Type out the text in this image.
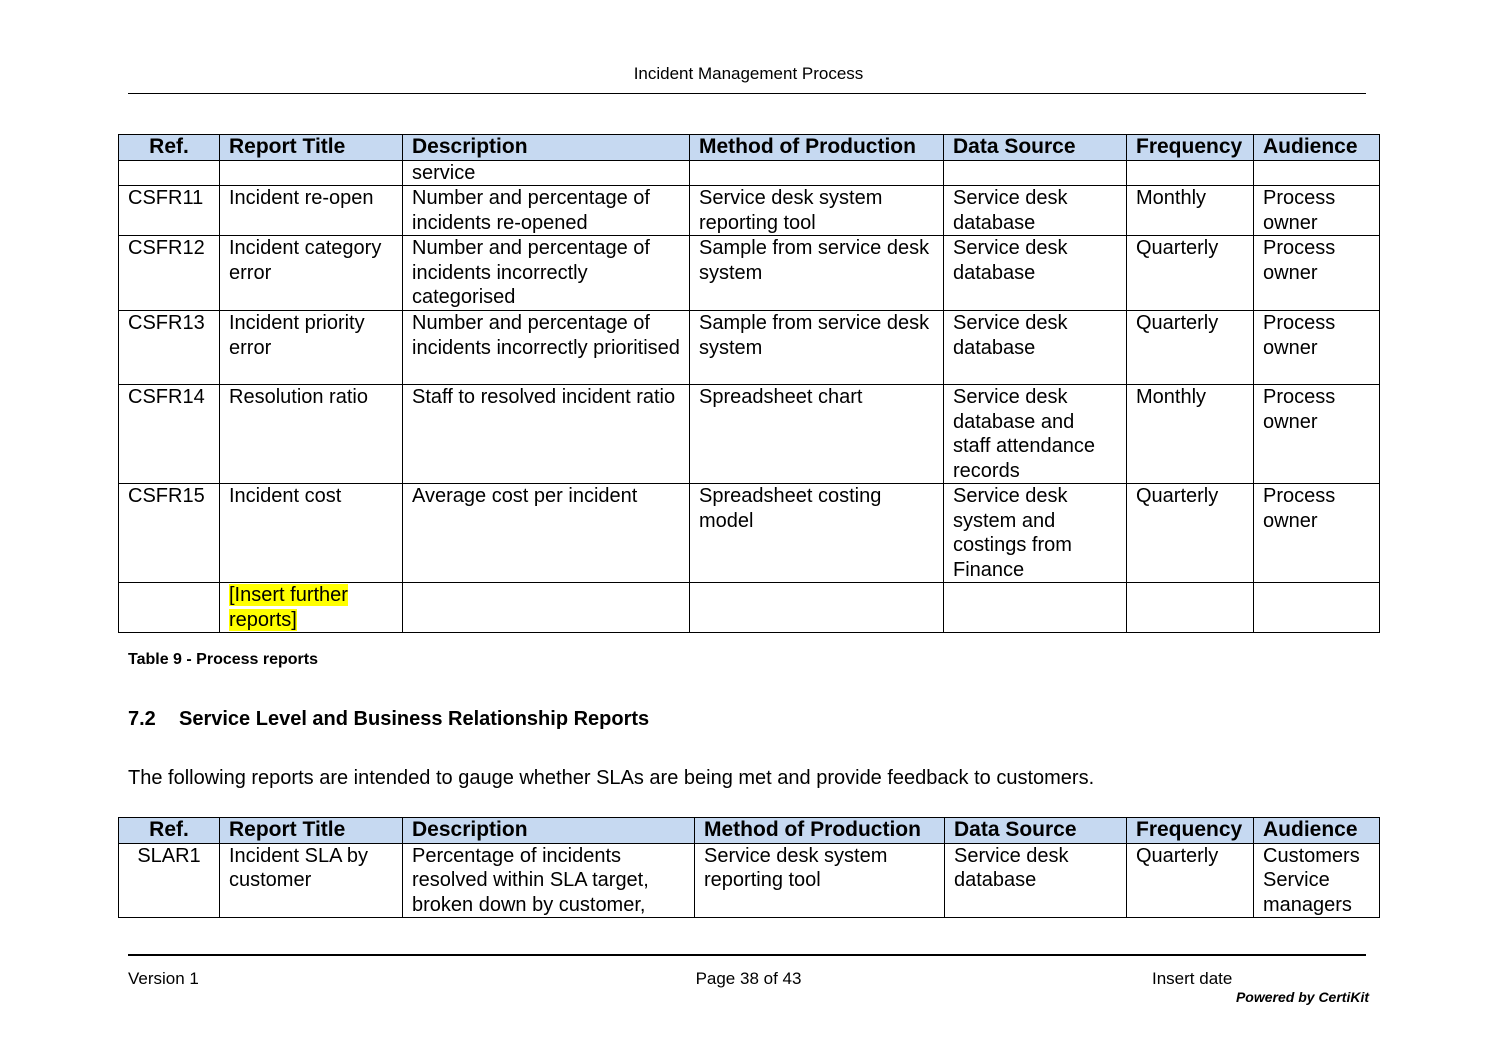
Incident Management Process
Ref.	Report Title	Description	Method of Production	Data Source	Frequency	Audience
		service				
CSFR11	Incident re-open	Number and percentage of incidents re-opened	Service desk system reporting tool	Service desk database	Monthly	Process owner
CSFR12	Incident category error	Number and percentage of incidents incorrectly categorised	Sample from service desk system	Service desk database	Quarterly	Process owner
CSFR13	Incident priority error	Number and percentage of incidents incorrectly prioritised	Sample from service desk system	Service desk database	Quarterly	Process owner
CSFR14	Resolution ratio	Staff to resolved incident ratio	Spreadsheet chart	Service desk database and staff attendance records	Monthly	Process owner
CSFR15	Incident cost	Average cost per incident	Spreadsheet costing model	Service desk system and costings from Finance	Quarterly	Process owner
	[Insert further reports]					
Table 9 - Process reports
7.2 Service Level and Business Relationship Reports
The following reports are intended to gauge whether SLAs are being met and provide feedback to customers.
Ref.	Report Title	Description	Method of Production	Data Source	Frequency	Audience
SLAR1	Incident SLA by customer	Percentage of incidents resolved within SLA target, broken down by customer,	Service desk system reporting tool	Service desk database	Quarterly	Customers Service managers
Version 1	Page 38 of 43	Insert date
Powered by CertiKit
